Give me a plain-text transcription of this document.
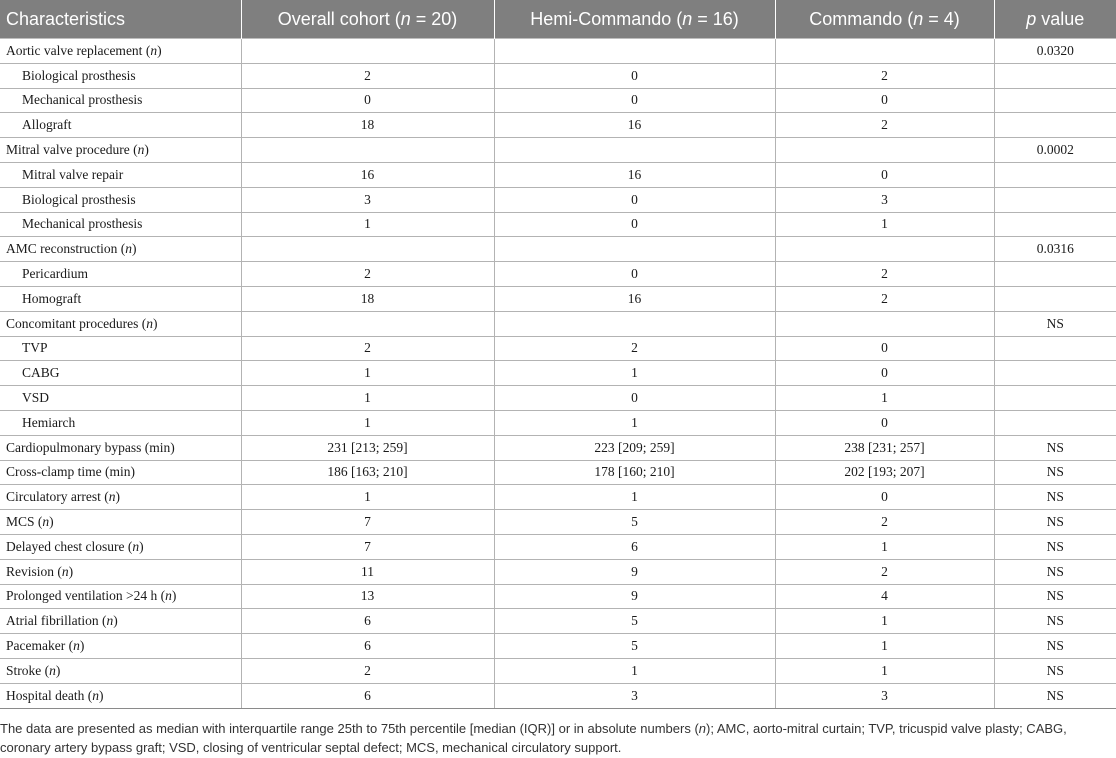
Characteristics	Overall cohort (n = 20)	Hemi-Commando (n = 16)	Commando (n = 4)	p value
Aortic valve replacement (n)				0.0320
Biological prosthesis	2	0	2	
Mechanical prosthesis	0	0	0	
Allograft	18	16	2	
Mitral valve procedure (n)				0.0002
Mitral valve repair	16	16	0	
Biological prosthesis	3	0	3	
Mechanical prosthesis	1	0	1	
AMC reconstruction (n)				0.0316
Pericardium	2	0	2	
Homograft	18	16	2	
Concomitant procedures (n)				NS
TVP	2	2	0	
CABG	1	1	0	
VSD	1	0	1	
Hemiarch	1	1	0	
Cardiopulmonary bypass (min)	231 [213; 259]	223 [209; 259]	238 [231; 257]	NS
Cross-clamp time (min)	186 [163; 210]	178 [160; 210]	202 [193; 207]	NS
Circulatory arrest (n)	1	1	0	NS
MCS (n)	7	5	2	NS
Delayed chest closure (n)	7	6	1	NS
Revision (n)	11	9	2	NS
Prolonged ventilation >24 h (n)	13	9	4	NS
Atrial fibrillation (n)	6	5	1	NS
Pacemaker (n)	6	5	1	NS
Stroke (n)	2	1	1	NS
Hospital death (n)	6	3	3	NS

The data are presented as median with interquartile range 25th to 75th percentile [median (IQR)] or in absolute numbers (n); AMC, aorto-mitral curtain; TVP, tricuspid valve plasty; CABG, coronary artery bypass graft; VSD, closing of ventricular septal defect; MCS, mechanical circulatory support.
